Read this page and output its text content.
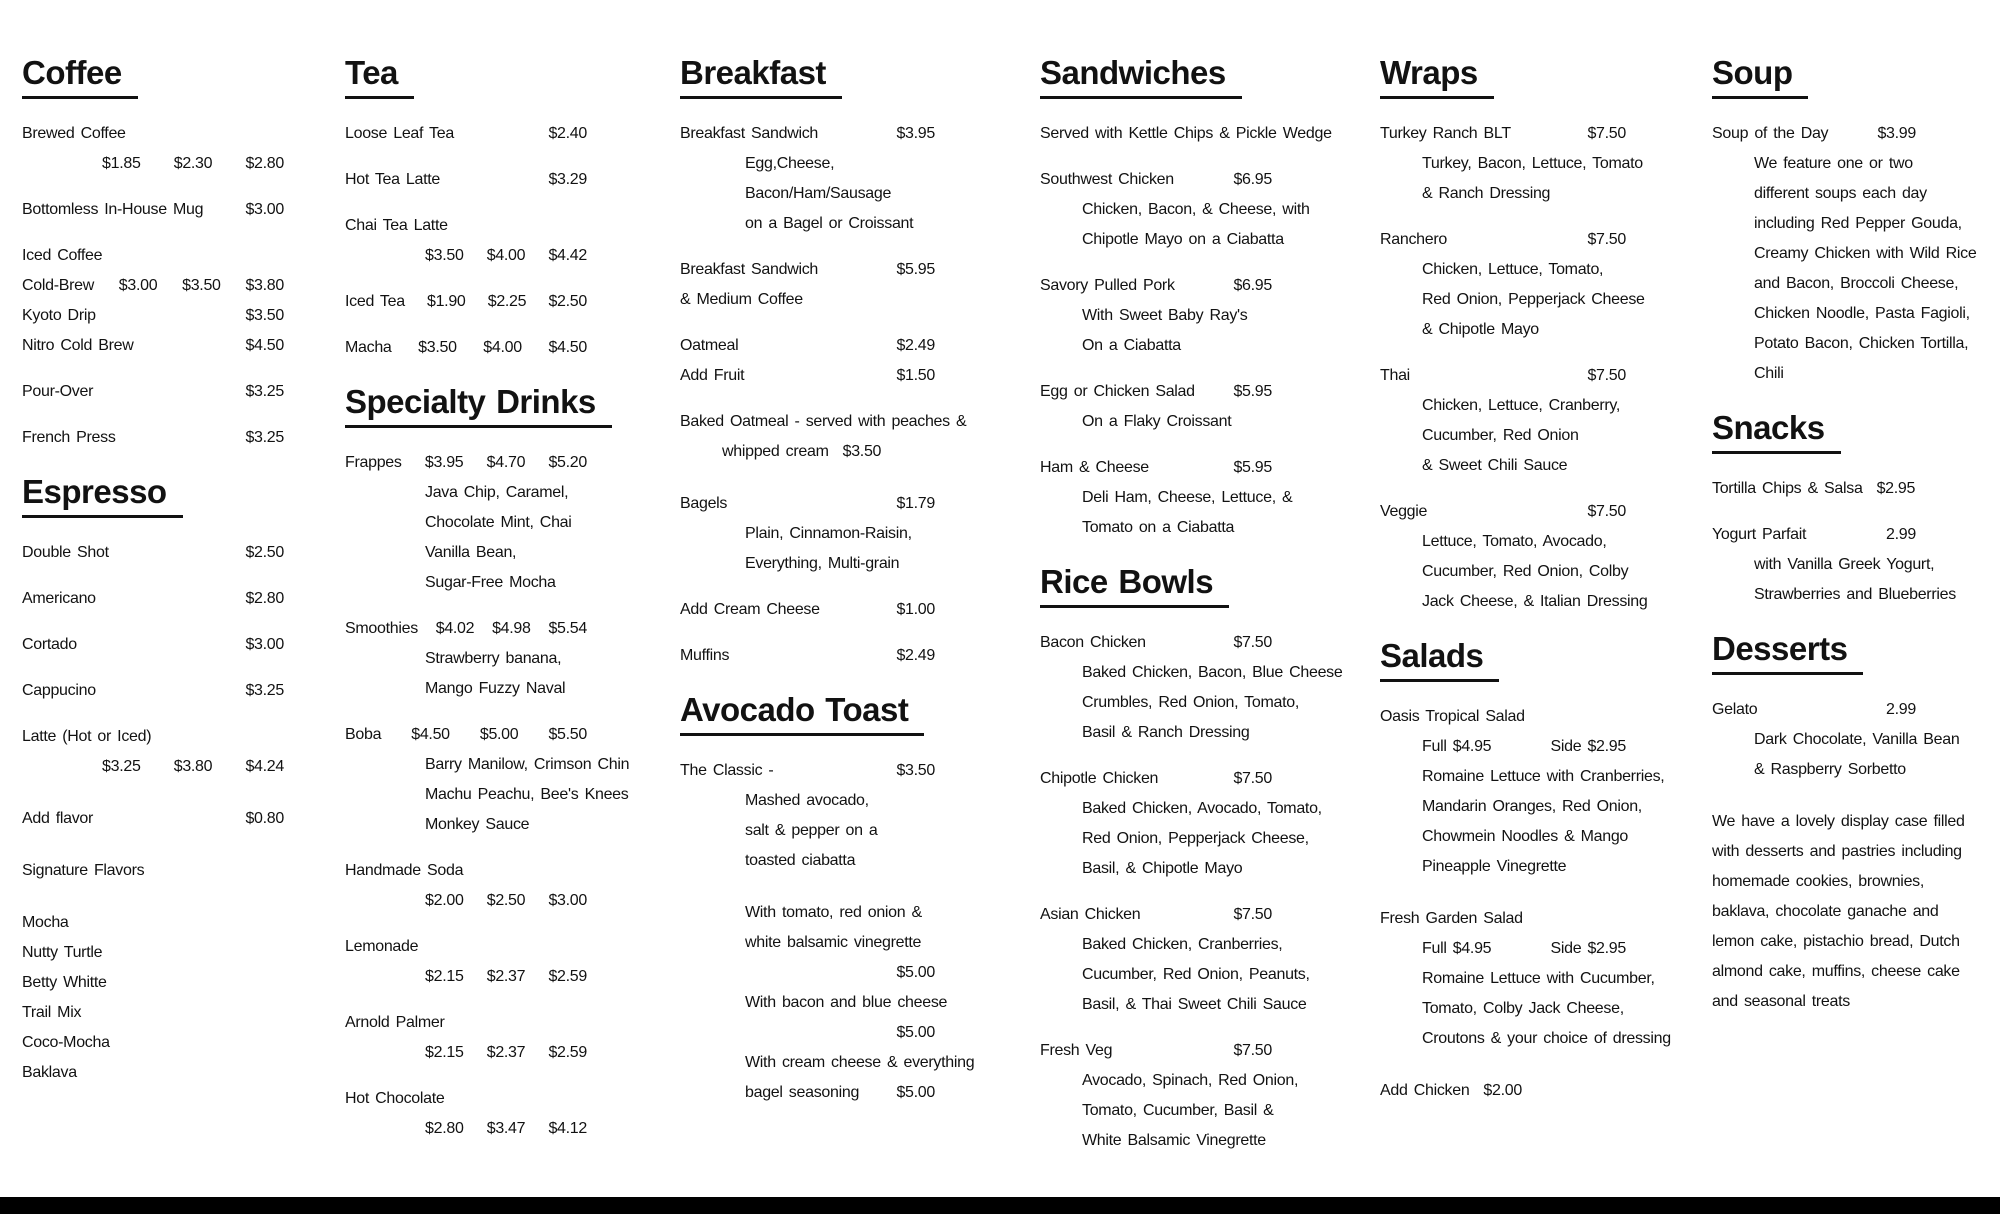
Coffee
Brewed Coffee
$1.85 $2.30 $2.80
Bottomless In-House Mug	$3.00
Iced Coffee
Cold-Brew $3.00 $3.50 $3.80
Kyoto Drip	$3.50
Nitro Cold Brew	$4.50
Pour-Over	$3.25
French Press	$3.25
Espresso
Double Shot	$2.50
Americano	$2.80
Cortado	$3.00
Cappucino	$3.25
Latte (Hot or Iced)
$3.25 $3.80 $4.24
Add flavor	$0.80
Signature Flavors
Mocha
Nutty Turtle
Betty Whitte
Trail Mix
Coco-Mocha
Baklava
Tea
Loose Leaf Tea	$2.40
Hot Tea Latte	$3.29
Chai Tea Latte
$3.50 $4.00 $4.42
Iced Tea $1.90 $2.25 $2.50
Macha $3.50 $4.00 $4.50
Specialty Drinks
Frappes $3.95 $4.70 $5.20
Java Chip, Caramel,
Chocolate Mint, Chai
Vanilla Bean,
Sugar-Free Mocha
Smoothies $4.02 $4.98 $5.54
Strawberry banana,
Mango Fuzzy Naval
Boba $4.50 $5.00 $5.50
Barry Manilow, Crimson Chin
Machu Peachu, Bee's Knees
Monkey Sauce
Handmade Soda
$2.00 $2.50 $3.00
Lemonade
$2.15 $2.37 $2.59
Arnold Palmer
$2.15 $2.37 $2.59
Hot Chocolate
$2.80 $3.47 $4.12
Breakfast
Breakfast Sandwich	$3.95
Egg,Cheese,
Bacon/Ham/Sausage
on a Bagel or Croissant
Breakfast Sandwich	$5.95
& Medium Coffee
Oatmeal	$2.49
Add Fruit	$1.50
Baked Oatmeal - served with peaches &
whipped cream $3.50
Bagels	$1.79
Plain, Cinnamon-Raisin,
Everything, Multi-grain
Add Cream Cheese	$1.00
Muffins	$2.49
Avocado Toast
The Classic -	$3.50
Mashed avocado,
salt & pepper on a
toasted ciabatta
With tomato, red onion &
white balsamic vinegrette
$5.00
With bacon and blue cheese
$5.00
With cream cheese & everything
bagel seasoning $5.00
Sandwiches
Served with Kettle Chips & Pickle Wedge
Southwest Chicken	$6.95
Chicken, Bacon, & Cheese, with
Chipotle Mayo on a Ciabatta
Savory Pulled Pork	$6.95
With Sweet Baby Ray's
On a Ciabatta
Egg or Chicken Salad $5.95
On a Flaky Croissant
Ham & Cheese	$5.95
Deli Ham, Cheese, Lettuce, &
Tomato on a Ciabatta
Rice Bowls
Bacon Chicken	$7.50
Baked Chicken, Bacon, Blue Cheese
Crumbles, Red Onion, Tomato,
Basil & Ranch Dressing
Chipotle Chicken	$7.50
Baked Chicken, Avocado, Tomato,
Red Onion, Pepperjack Cheese,
Basil, & Chipotle Mayo
Asian Chicken	$7.50
Baked Chicken, Cranberries,
Cucumber, Red Onion, Peanuts,
Basil, & Thai Sweet Chili Sauce
Fresh Veg	$7.50
Avocado, Spinach, Red Onion,
Tomato, Cucumber, Basil &
White Balsamic Vinegrette
Wraps
Turkey Ranch BLT	$7.50
Turkey, Bacon, Lettuce, Tomato
& Ranch Dressing
Ranchero	$7.50
Chicken, Lettuce, Tomato,
Red Onion, Pepperjack Cheese
& Chipotle Mayo
Thai	$7.50
Chicken, Lettuce, Cranberry,
Cucumber, Red Onion
& Sweet Chili Sauce
Veggie	$7.50
Lettuce, Tomato, Avocado,
Cucumber, Red Onion, Colby
Jack Cheese, & Italian Dressing
Salads
Oasis Tropical Salad
Full $4.95	Side $2.95
Romaine Lettuce with Cranberries,
Mandarin Oranges, Red Onion,
Chowmein Noodles & Mango
Pineapple Vinegrette
Fresh Garden Salad
Full $4.95	Side $2.95
Romaine Lettuce with Cucumber,
Tomato, Colby Jack Cheese,
Croutons & your choice of dressing
Add Chicken $2.00
Soup
Soup of the Day	$3.99
We feature one or two
different soups each day
including Red Pepper Gouda,
Creamy Chicken with Wild Rice
and Bacon, Broccoli Cheese,
Chicken Noodle, Pasta Fagioli,
Potato Bacon, Chicken Tortilla,
Chili
Snacks
Tortilla Chips & Salsa $2.95
Yogurt Parfait	2.99
with Vanilla Greek Yogurt,
Strawberries and Blueberries
Desserts
Gelato	2.99
Dark Chocolate, Vanilla Bean
& Raspberry Sorbetto
We have a lovely display case filled
with desserts and pastries including
homemade cookies, brownies,
baklava, chocolate ganache and
lemon cake, pistachio bread, Dutch
almond cake, muffins, cheese cake
and seasonal treats
